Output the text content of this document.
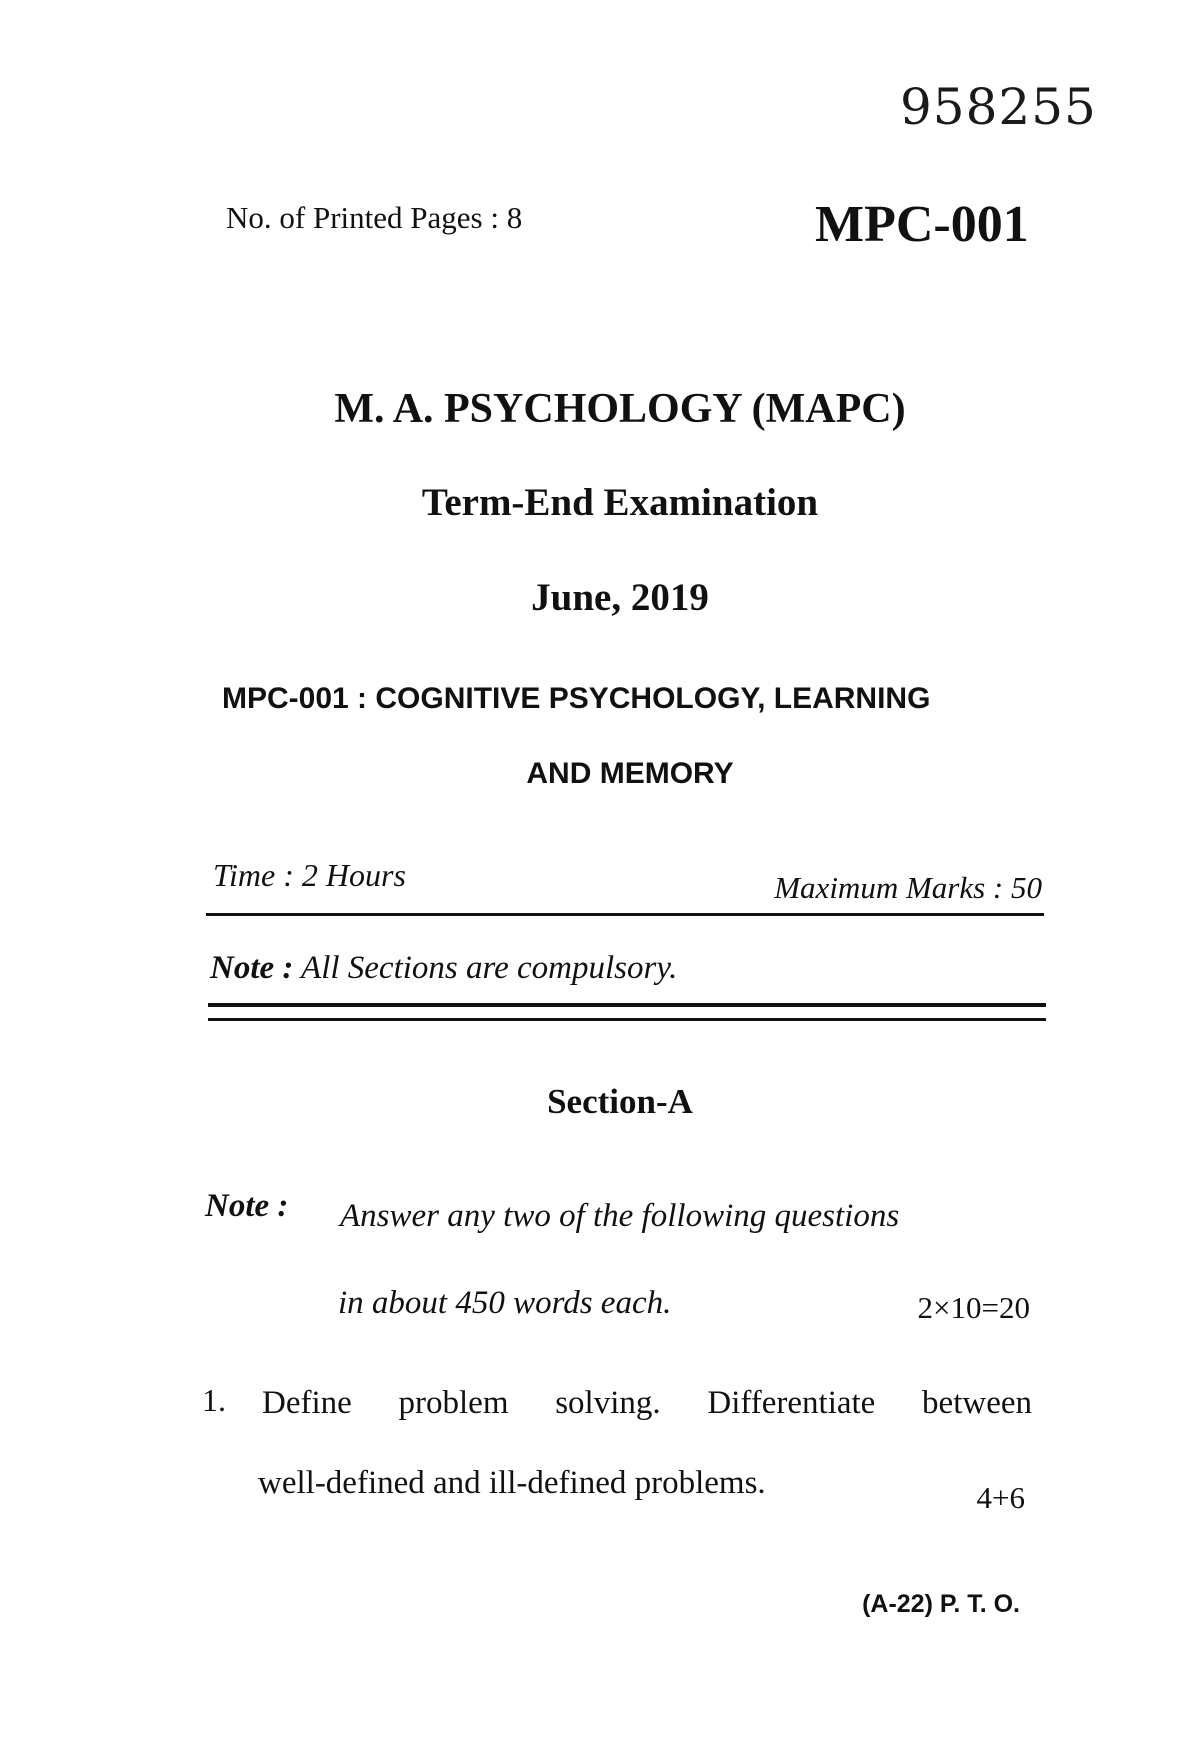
958255
No. of Printed Pages : 8	MPC-001
M. A. PSYCHOLOGY (MAPC)
Term-End Examination
June, 2019
MPC-001 : COGNITIVE PSYCHOLOGY, LEARNING
AND MEMORY
Time : 2 Hours	Maximum Marks : 50
Note : All Sections are compulsory.
Section-A
Note : Answer any two of the following questions
in about 450 words each.	2×10=20
1. Define problem solving. Differentiate between
well-defined and ill-defined problems.	4+6
(A-22) P. T. O.
